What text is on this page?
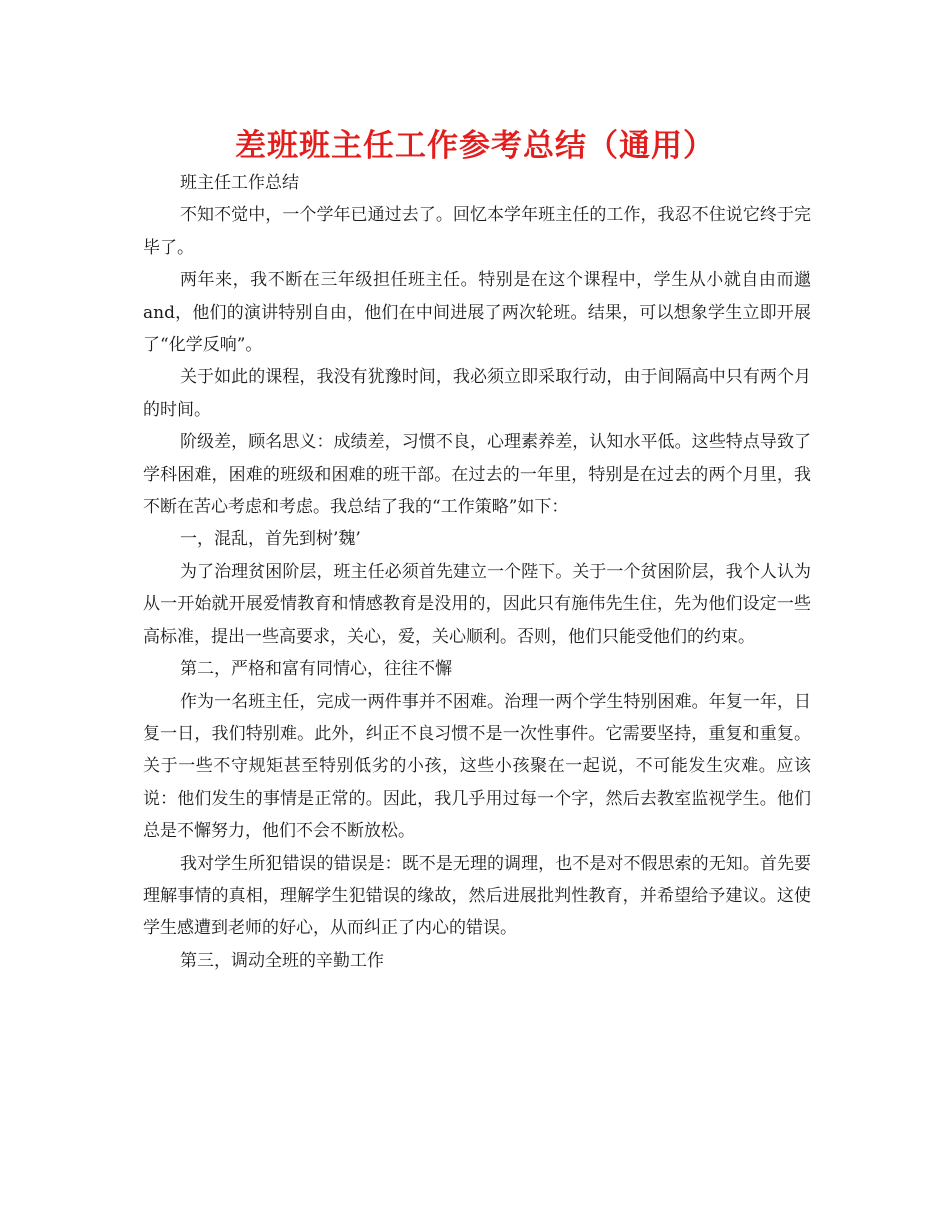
差班班主任工作参考总结（通用）

班主任工作总结

不知不觉中，一个学年已通过去了。回忆本学年班主任的工作，我忍不住说它终于完毕了。

两年来，我不断在三年级担任班主任。特别是在这个课程中，学生从小就自由而邋and，他们的演讲特别自由，他们在中间进展了两次轮班。结果，可以想象学生立即开展了“化学反响”。

关于如此的课程，我没有犹豫时间，我必须立即采取行动，由于间隔高中只有两个月的时间。

阶级差，顾名思义：成绩差，习惯不良，心理素养差，认知水平低。这些特点导致了学科困难，困难的班级和困难的班干部。在过去的一年里，特别是在过去的两个月里，我不断在苦心考虑和考虑。我总结了我的“工作策略”如下：

一，混乱，首先到树’魏’

为了治理贫困阶层，班主任必须首先建立一个陛下。关于一个贫困阶层，我个人认为从一开始就开展爱情教育和情感教育是没用的，因此只有施伟先生住，先为他们设定一些高标准，提出一些高要求，关心，爱，关心顺利。否则，他们只能受他们的约束。

第二，严格和富有同情心，往往不懈

作为一名班主任，完成一两件事并不困难。治理一两个学生特别困难。年复一年，日复一日，我们特别难。此外，纠正不良习惯不是一次性事件。它需要坚持，重复和重复。关于一些不守规矩甚至特别低劣的小孩，这些小孩聚在一起说，不可能发生灾难。应该说：他们发生的事情是正常的。因此，我几乎用过每一个字，然后去教室监视学生。他们总是不懈努力，他们不会不断放松。

我对学生所犯错误的错误是：既不是无理的调理，也不是对不假思索的无知。首先要理解事情的真相，理解学生犯错误的缘故，然后进展批判性教育，并希望给予建议。这使学生感遭到老师的好心，从而纠正了内心的错误。

第三，调动全班的辛勤工作
